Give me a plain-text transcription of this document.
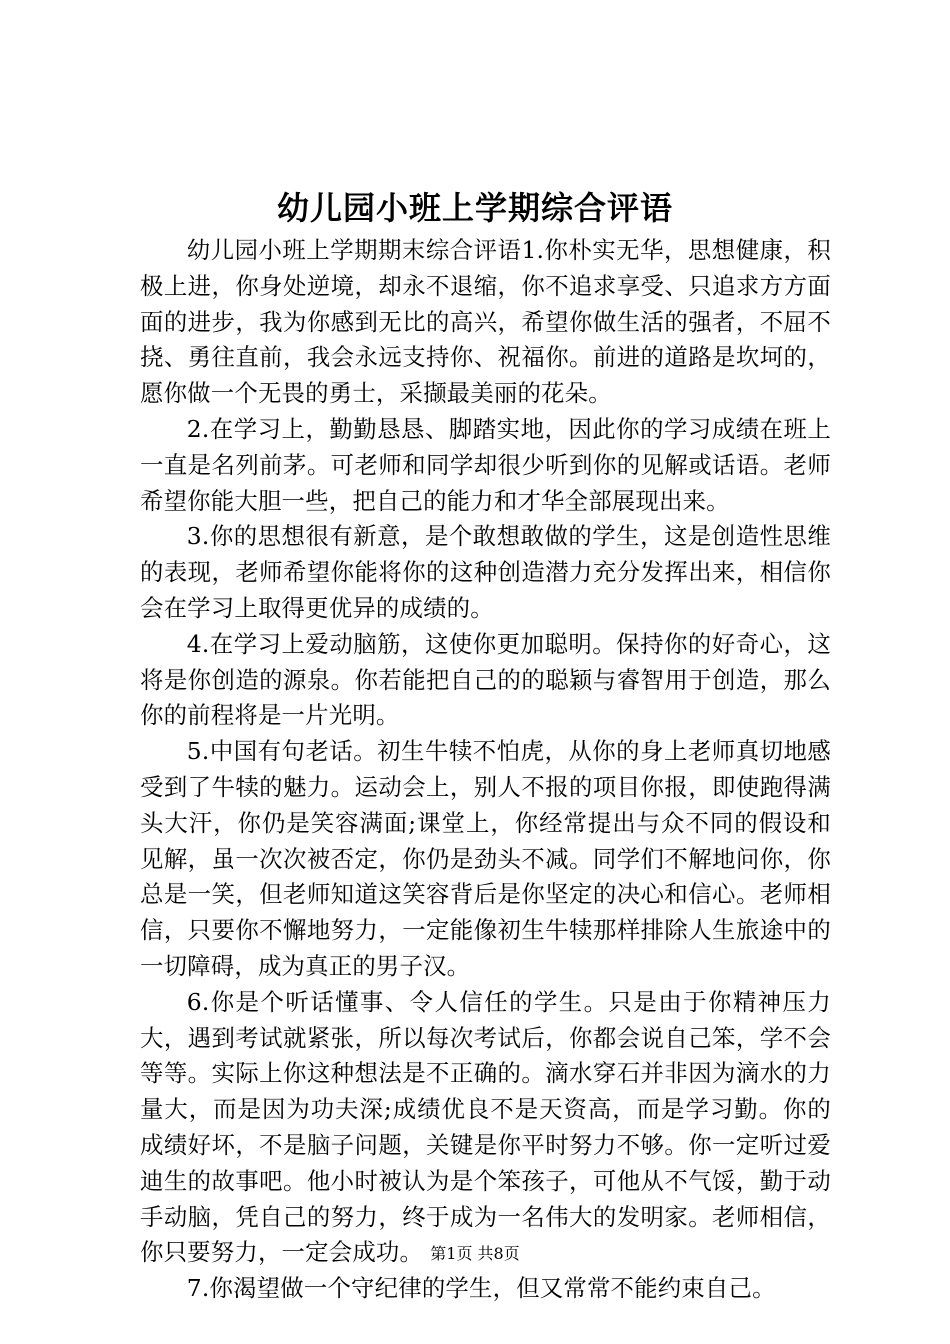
幼儿园小班上学期综合评语

幼儿园小班上学期期末综合评语1.你朴实无华，思想健康，积极上进，你身处逆境，却永不退缩，你不追求享受、只追求方方面面的进步，我为你感到无比的高兴，希望你做生活的强者，不屈不挠、勇往直前，我会永远支持你、祝福你。前进的道路是坎坷的，愿你做一个无畏的勇士，采撷最美丽的花朵。

2.在学习上，勤勤恳恳、脚踏实地，因此你的学习成绩在班上一直是名列前茅。可老师和同学却很少听到你的见解或话语。老师希望你能大胆一些，把自己的能力和才华全部展现出来。

3.你的思想很有新意，是个敢想敢做的学生，这是创造性思维的表现，老师希望你能将你的这种创造潜力充分发挥出来，相信你会在学习上取得更优异的成绩的。

4.在学习上爱动脑筋，这使你更加聪明。保持你的好奇心，这将是你创造的源泉。你若能把自己的的聪颖与睿智用于创造，那么你的前程将是一片光明。

5.中国有句老话。初生牛犊不怕虎，从你的身上老师真切地感受到了牛犊的魅力。运动会上，别人不报的项目你报，即使跑得满头大汗，你仍是笑容满面;课堂上，你经常提出与众不同的假设和见解，虽一次次被否定，你仍是劲头不减。同学们不解地问你，你总是一笑，但老师知道这笑容背后是你坚定的决心和信心。老师相信，只要你不懈地努力，一定能像初生牛犊那样排除人生旅途中的一切障碍，成为真正的男子汉。

6.你是个听话懂事、令人信任的学生。只是由于你精神压力大，遇到考试就紧张，所以每次考试后，你都会说自己笨，学不会等等。实际上你这种想法是不正确的。滴水穿石并非因为滴水的力量大，而是因为功夫深;成绩优良不是天资高，而是学习勤。你的成绩好坏，不是脑子问题，关键是你平时努力不够。你一定听过爱迪生的故事吧。他小时被认为是个笨孩子，可他从不气馁，勤于动手动脑，凭自己的努力，终于成为一名伟大的发明家。老师相信，你只要努力，一定会成功。

7.你渴望做一个守纪律的学生，但又常常不能约束自己。

第1页 共8页
